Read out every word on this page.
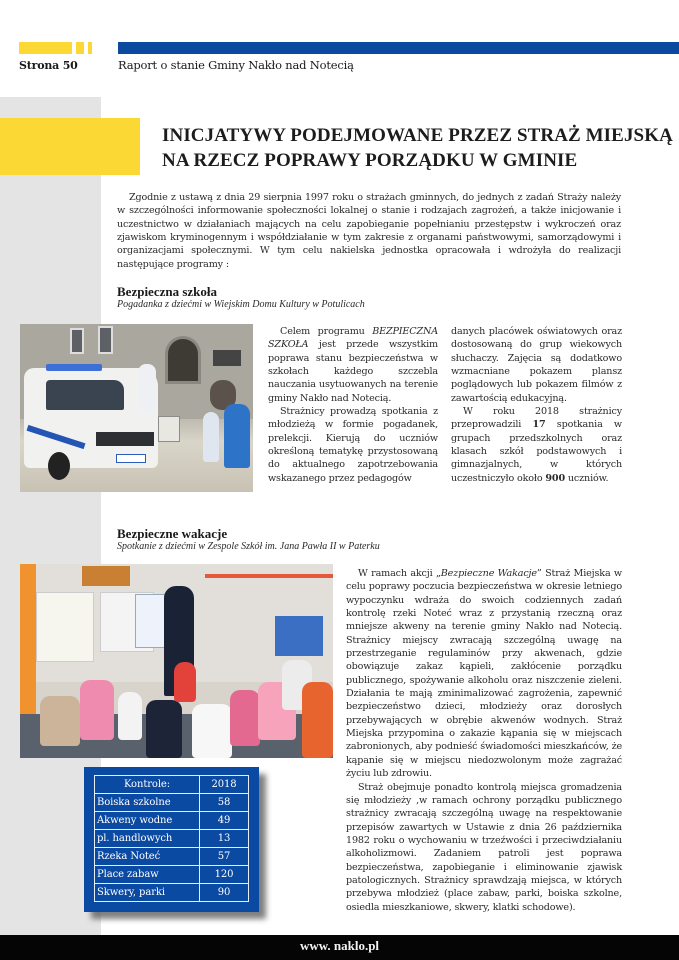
Strona 50	Raport o stanie Gminy Nakło nad Notecią
INICJATYWY PODEJMOWANE PRZEZ STRAŻ MIEJSKĄ
NA RZECZ POPRAWY PORZĄDKU W GMINIE

Zgodnie z ustawą z dnia 29 sierpnia 1997 roku o strażach gminnych, do jednych z zadań Straży należy w szczególności informowanie społeczności lokalnej o stanie i rodzajach zagrożeń, a także inicjowanie i uczestnictwo w działaniach mających na celu zapobieganie popełnianiu przestępstw i wykroczeń oraz zjawiskom kryminogennym i współdziałanie w tym zakresie z organami państwowymi, samorządowymi i organizacjami społecznymi. W tym celu nakielska jednostka opracowała i wdrożyła do realizacji następujące programy :

Bezpieczna szkoła
Pogadanka z dziećmi w Wiejskim Domu Kultury w Potulicach

Celem programu BEZPIECZNA SZKOŁA jest przede wszystkim poprawa stanu bezpieczeństwa w szkołach każdego szczebla nauczania usytuowanych na terenie gminy Nakło nad Notecią.

Strażnicy prowadzą spotkania z młodzieżą w formie pogadanek, prelekcji. Kierują do uczniów określoną tematykę przystosowaną do aktualnego zapotrzebowania wskazanego przez pedagogów

danych placówek oświatowych oraz dostosowaną do grup wiekowych słuchaczy. Zajęcia są dodatkowo wzmacniane pokazem plansz poglądowych lub pokazem filmów z zawartością edukacyjną.

W roku 2018 strażnicy przeprowadzili 17 spotkania w grupach przedszkolnych oraz klasach szkół podstawowych i gimnazjalnych, w których uczestniczyło około 900 uczniów.

Bezpieczne wakacje
Spotkanie z dziećmi w Zespole Szkół im. Jana Pawła II w Paterku

W ramach akcji „Bezpieczne Wakacje” Straż Miejska w celu poprawy poczucia bezpieczeństwa w okresie letniego wypoczynku wdraża do swoich codziennych zadań kontrolę rzeki Noteć wraz z przystanią rzeczną oraz mniejsze akweny na terenie gminy Nakło nad Notecią. Strażnicy miejscy zwracają szczególną uwagę na przestrzeganie regulaminów przy akwenach, gdzie obowiązuje zakaz kąpieli, zakłócenie porządku publicznego, spożywanie alkoholu oraz niszczenie zieleni. Działania te mają zminimalizować zagrożenia, zapewnić bezpieczeństwo dzieci, młodzieży oraz dorosłych przebywających w obrębie akwenów wodnych. Straż Miejska przypomina o zakazie kąpania się w miejscach zabronionych, aby podnieść świadomości mieszkańców, że kąpanie się w miejscu niedozwolonym może zagrażać życiu lub zdrowiu.

Straż obejmuje ponadto kontrolą miejsca gromadzenia się młodzieży ,w ramach ochrony porządku publicznego strażnicy zwracają szczególną uwagę na respektowanie przepisów zawartych w Ustawie z dnia 26 października 1982 roku o wychowaniu w trzeźwości i przeciwdziałaniu alkoholizmowi. Zadaniem patroli jest poprawa bezpieczeństwa, zapobieganie i eliminowanie zjawisk patologicznych. Strażnicy sprawdzają miejsca, w których przebywa młodzież (place zabaw, parki, boiska szkolne, osiedla mieszkaniowe, skwery, klatki schodowe).

Kontrole:	2018
Boiska szkolne	58
Akweny wodne	49
pl. handlowych	13
Rzeka Noteć	57
Place zabaw	120
Skwery, parki	90
www. naklo.pl
